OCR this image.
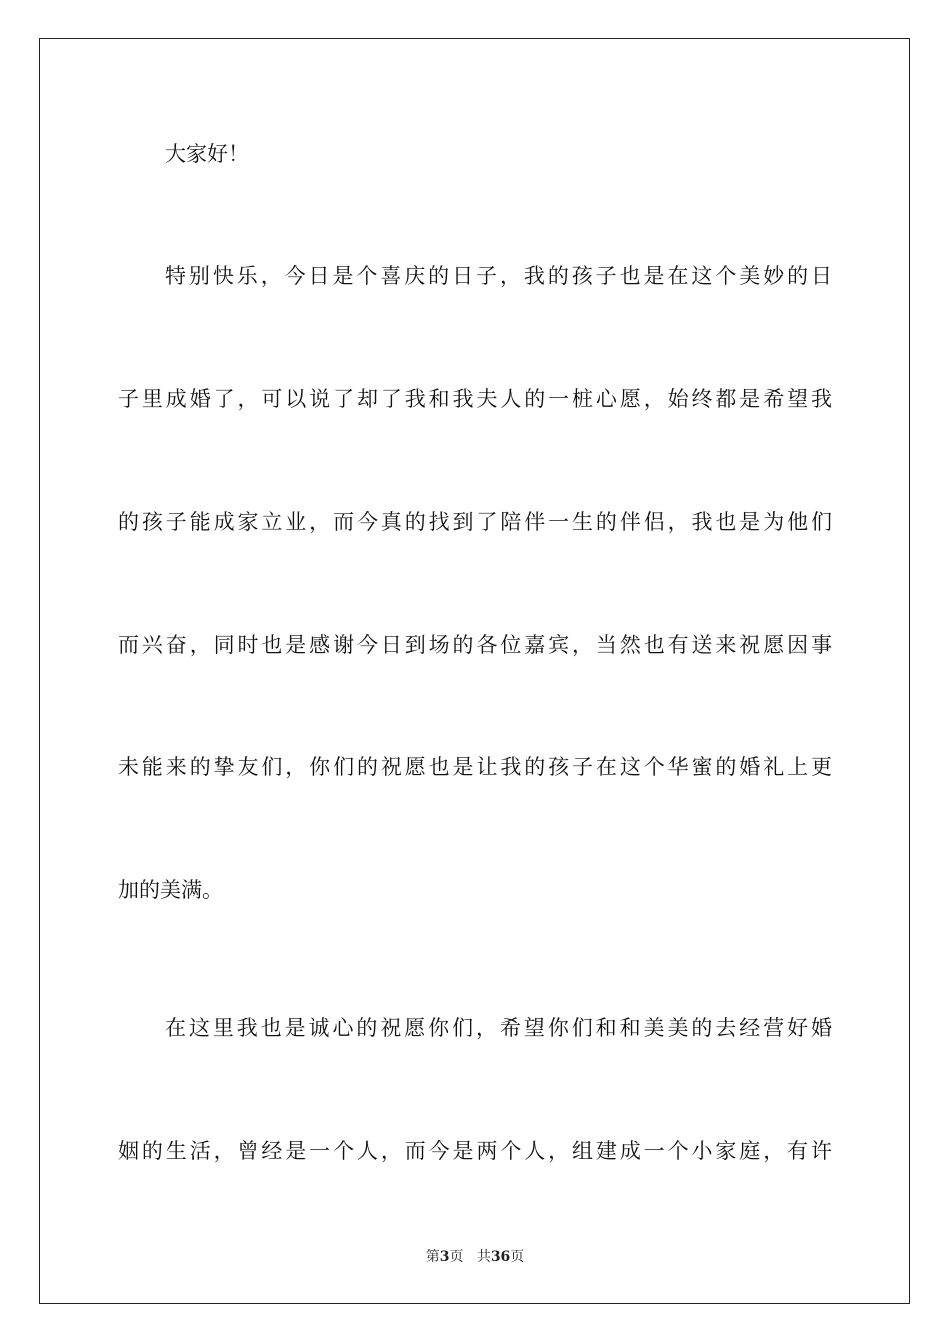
大家好！
特别快乐，今日是个喜庆的日子，我的孩子也是在这个美妙的日
子里成婚了，可以说了却了我和我夫人的一桩心愿，始终都是希望我
的孩子能成家立业，而今真的找到了陪伴一生的伴侣，我也是为他们
而兴奋，同时也是感谢今日到场的各位嘉宾，当然也有送来祝愿因事
未能来的挚友们，你们的祝愿也是让我的孩子在这个华蜜的婚礼上更
加的美满。
在这里我也是诚心的祝愿你们，希望你们和和美美的去经营好婚
姻的生活，曾经是一个人，而今是两个人，组建成一个小家庭，有许
第3页 共36页
